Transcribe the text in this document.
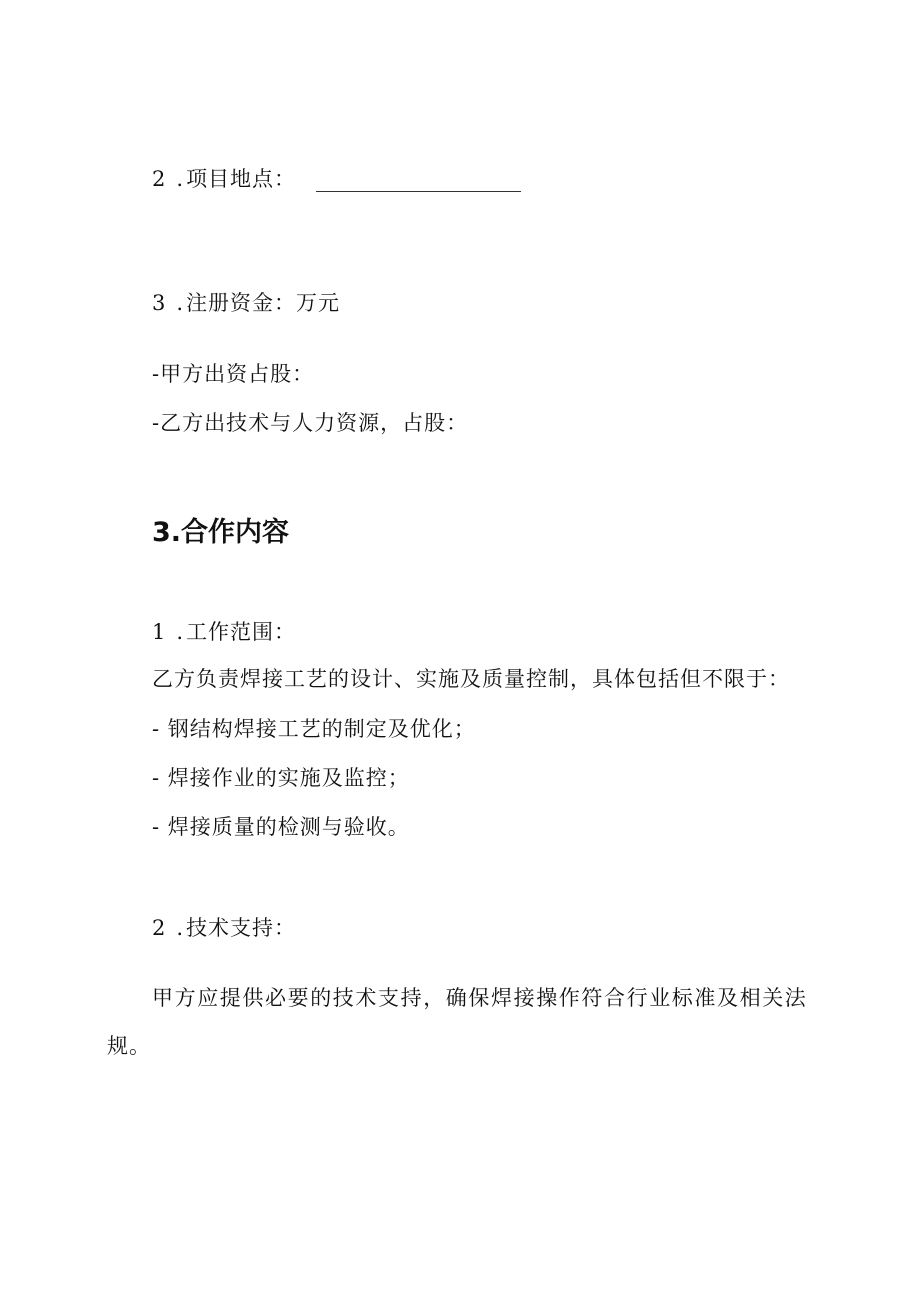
2 .项目地点：
3 .注册资金：万元
-甲方出资占股：
-乙方出技术与人力资源，占股：
3.合作内容
1 .工作范围：
乙方负责焊接工艺的设计、实施及质量控制，具体包括但不限于：
- 钢结构焊接工艺的制定及优化；
- 焊接作业的实施及监控；
- 焊接质量的检测与验收。
2 .技术支持：
甲方应提供必要的技术支持，确保焊接操作符合行业标准及相关法
规。
